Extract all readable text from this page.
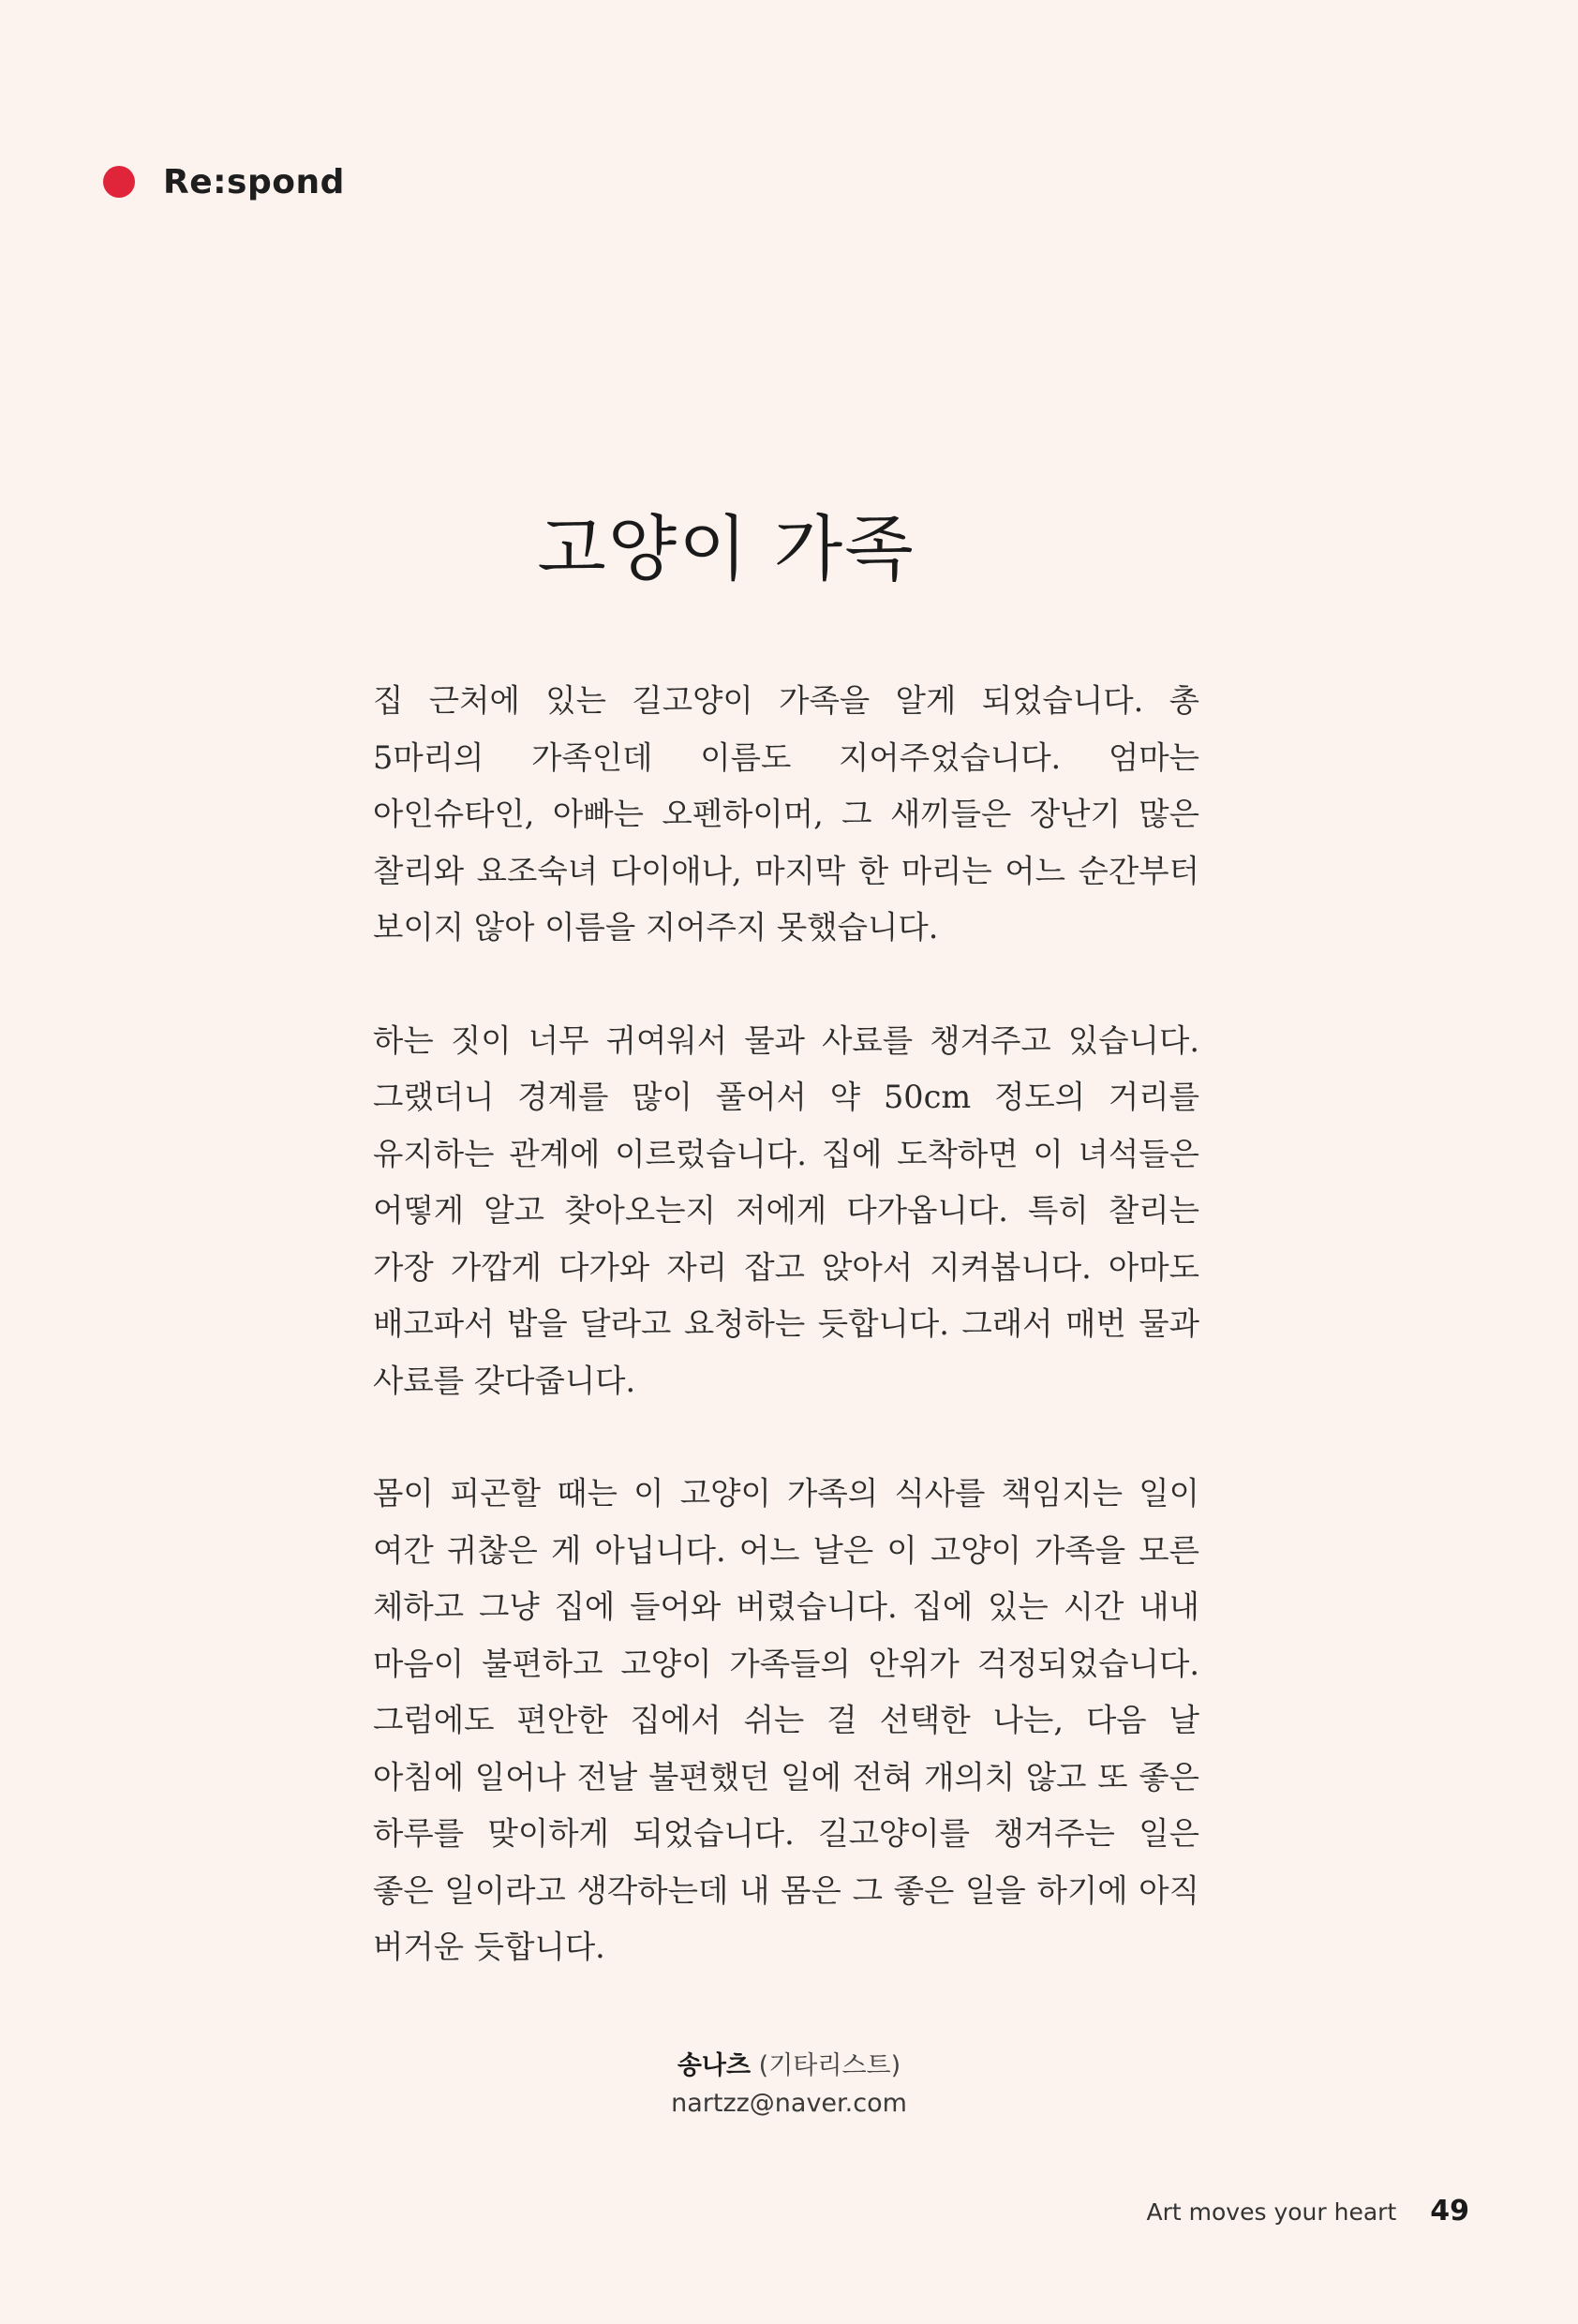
Re:spond
고양이 가족

집 근처에 있는 길고양이 가족을 알게 되었습니다. 총 5마리의 가족인데 이름도 지어주었습니다. 엄마는 아인슈타인, 아빠는 오펜하이머, 그 새끼들은 장난기 많은 찰리와 요조숙녀 다이애나, 마지막 한 마리는 어느 순간부터 보이지 않아 이름을 지어주지 못했습니다.

하는 짓이 너무 귀여워서 물과 사료를 챙겨주고 있습니다. 그랬더니 경계를 많이 풀어서 약 50cm 정도의 거리를 유지하는 관계에 이르렀습니다. 집에 도착하면 이 녀석들은 어떻게 알고 찾아오는지 저에게 다가옵니다. 특히 찰리는 가장 가깝게 다가와 자리 잡고 앉아서 지켜봅니다. 아마도 배고파서 밥을 달라고 요청하는 듯합니다. 그래서 매번 물과 사료를 갖다줍니다.

몸이 피곤할 때는 이 고양이 가족의 식사를 책임지는 일이 여간 귀찮은 게 아닙니다. 어느 날은 이 고양이 가족을 모른 체하고 그냥 집에 들어와 버렸습니다. 집에 있는 시간 내내 마음이 불편하고 고양이 가족들의 안위가 걱정되었습니다. 그럼에도 편안한 집에서 쉬는 걸 선택한 나는, 다음 날 아침에 일어나 전날 불편했던 일에 전혀 개의치 않고 또 좋은 하루를 맞이하게 되었습니다. 길고양이를 챙겨주는 일은 좋은 일이라고 생각하는데 내 몸은 그 좋은 일을 하기에 아직 버거운 듯합니다.

송나츠 (기타리스트)
nartzz@naver.com
Art moves your heart 49
